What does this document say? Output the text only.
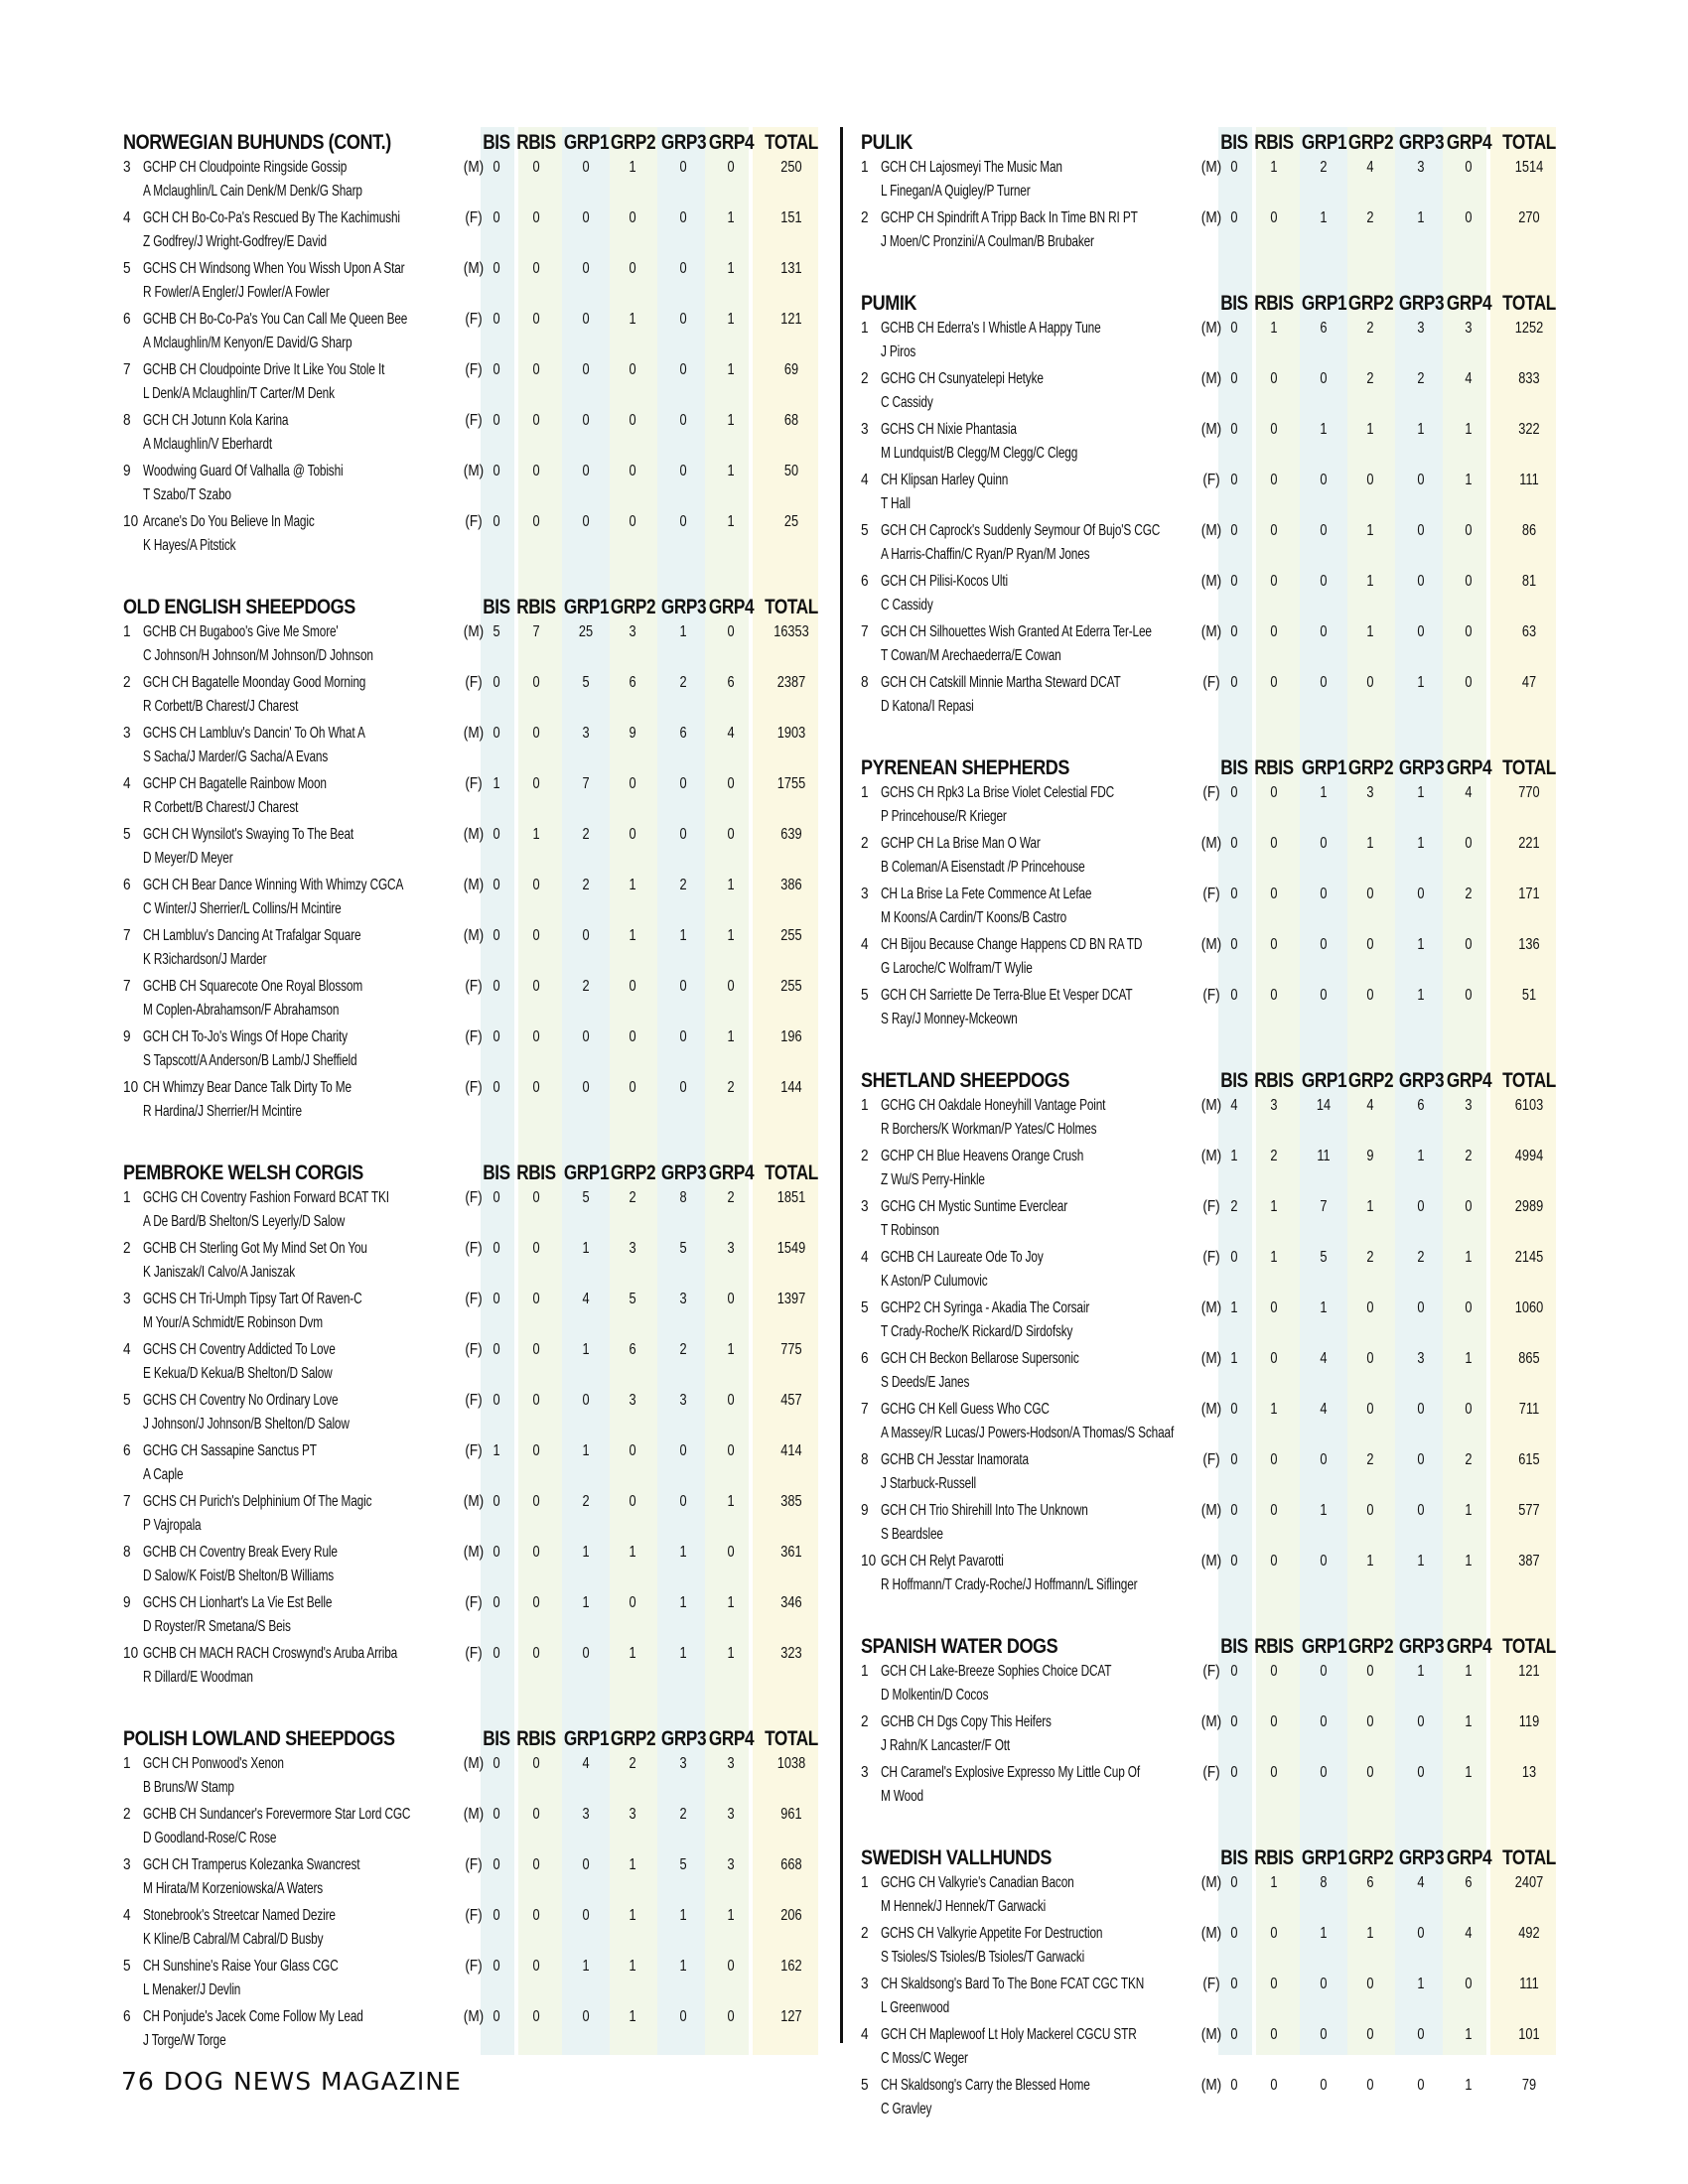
NORWEGIAN BUHUNDS (CONT.)	BIS RBIS GRP1 GRP2 GRP3 GRP4 TOTAL
3 GCHP CH Cloudpointe Ringside Gossip
A Mclaughlin/L Cain Denk/M Denk/G Sharp
(M) 0	0	0	1	0	0	250
4 GCH CH Bo-Co-Pa's Rescued By The Kachimushi
Z Godfrey/J Wright-Godfrey/E David
(F) 0	0	0	0	0	1	151
5 GCHS CH Windsong When You Wissh Upon A Star
R Fowler/A Engler/J Fowler/A Fowler
(M) 0	0	0	0	0	1	131
6 GCHB CH Bo-Co-Pa's You Can Call Me Queen Bee
A Mclaughlin/M Kenyon/E David/G Sharp
(F) 0	0	0	1	0	1	121
7 GCHB CH Cloudpointe Drive It Like You Stole It
L Denk/A Mclaughlin/T Carter/M Denk
(F) 0	0	0	0	0	1	69
8 GCH CH Jotunn Kola Karina
A Mclaughlin/V Eberhardt
(F) 0	0	0	0	0	1	68
9 Woodwing Guard Of Valhalla @ Tobishi
T Szabo/T Szabo
(M) 0	0	0	0	0	1	50
10 Arcane's Do You Believe In Magic
K Hayes/A Pitstick
(F) 0	0	0	0	0	1	25
OLD ENGLISH SHEEPDOGS	BIS RBIS GRP1 GRP2 GRP3 GRP4 TOTAL
1 GCHB CH Bugaboo's Give Me Smore'
C Johnson/H Johnson/M Johnson/D Johnson
(M) 5	7	25	3	1	0	16353
2 GCH CH Bagatelle Moonday Good Morning
R Corbett/B Charest/J Charest
(F) 0	0	5	6	2	6	2387
3 GCHS CH Lambluv's Dancin' To Oh What A
S Sacha/J Marder/G Sacha/A Evans
(M) 0	0	3	9	6	4	1903
4 GCHP CH Bagatelle Rainbow Moon
R Corbett/B Charest/J Charest
(F) 1	0	7	0	0	0	1755
5 GCH CH Wynsilot's Swaying To The Beat
D Meyer/D Meyer
(M) 0	1	2	0	0	0	639
6 GCH CH Bear Dance Winning With Whimzy CGCA
C Winter/J Sherrier/L Collins/H Mcintire
(M) 0	0	2	1	2	1	386
7 CH Lambluv's Dancing At Trafalgar Square
K R3ichardson/J Marder
(M) 0	0	0	1	1	1	255
7 GCHB CH Squarecote One Royal Blossom
M Coplen-Abrahamson/F Abrahamson
(F) 0	0	2	0	0	0	255
9 GCH CH To-Jo's Wings Of Hope Charity
S Tapscott/A Anderson/B Lamb/J Sheffield
(F) 0	0	0	0	0	1	196
10 CH Whimzy Bear Dance Talk Dirty To Me
R Hardina/J Sherrier/H Mcintire
(F) 0	0	0	0	0	2	144
PEMBROKE WELSH CORGIS	BIS RBIS GRP1 GRP2 GRP3 GRP4 TOTAL
1 GCHG CH Coventry Fashion Forward BCAT TKI
A De Bard/B Shelton/S Leyerly/D Salow
(F) 0	0	5	2	8	2	1851
2 GCHB CH Sterling Got My Mind Set On You
K Janiszak/I Calvo/A Janiszak
(F) 0	0	1	3	5	3	1549
3 GCHS CH Tri-Umph Tipsy Tart Of Raven-C
M Your/A Schmidt/E Robinson Dvm
(F) 0	0	4	5	3	0	1397
4 GCHS CH Coventry Addicted To Love
E Kekua/D Kekua/B Shelton/D Salow
(F) 0	0	1	6	2	1	775
5 GCHS CH Coventry No Ordinary Love
J Johnson/J Johnson/B Shelton/D Salow
(F) 0	0	0	3	3	0	457
6 GCHG CH Sassapine Sanctus PT
A Caple
(F) 1	0	1	0	0	0	414
7 GCHS CH Purich's Delphinium Of The Magic
P Vajropala
(M) 0	0	2	0	0	1	385
8 GCHB CH Coventry Break Every Rule
D Salow/K Foist/B Shelton/B Williams
(M) 0	0	1	1	1	0	361
9 GCHS CH Lionhart's La Vie Est Belle
D Royster/R Smetana/S Beis
(F) 0	0	1	0	1	1	346
10 GCHB CH MACH RACH Croswynd's Aruba Arriba
R Dillard/E Woodman
(F) 0	0	0	1	1	1	323
POLISH LOWLAND SHEEPDOGS	BIS RBIS GRP1 GRP2 GRP3 GRP4 TOTAL
1 GCH CH Ponwood's Xenon
B Bruns/W Stamp
(M) 0	0	4	2	3	3	1038
2 GCHB CH Sundancer's Forevermore Star Lord CGC
D Goodland-Rose/C Rose
(M) 0	0	3	3	2	3	961
3 GCH CH Tramperus Kolezanka Swancrest
M Hirata/M Korzeniowska/A Waters
(F) 0	0	0	1	5	3	668
4 Stonebrook's Streetcar Named Dezire
K Kline/B Cabral/M Cabral/D Busby
(F) 0	0	0	1	1	1	206
5 CH Sunshine's Raise Your Glass CGC
L Menaker/J Devlin
(F) 0	0	1	1	1	0	162
6 CH Ponjude's Jacek Come Follow My Lead
J Torge/W Torge
(M) 0	0	0	1	0	0	127
PULIK	BIS RBIS GRP1 GRP2 GRP3 GRP4 TOTAL
1 GCH CH Lajosmeyi The Music Man
L Finegan/A Quigley/P Turner
(M) 0	1	2	4	3	0	1514
2 GCHP CH Spindrift A Tripp Back In Time BN RI PT
J Moen/C Pronzini/A Coulman/B Brubaker
(M) 0	0	1	2	1	0	270
PUMIK	BIS RBIS GRP1 GRP2 GRP3 GRP4 TOTAL
1 GCHB CH Ederra's I Whistle A Happy Tune
J Piros
(M) 0	1	6	2	3	3	1252
2 GCHG CH Csunyatelepi Hetyke
C Cassidy
(M) 0	0	0	2	2	4	833
3 GCHS CH Nixie Phantasia
M Lundquist/B Clegg/M Clegg/C Clegg
(M) 0	0	1	1	1	1	322
4 CH Klipsan Harley Quinn
T Hall
(F) 0	0	0	0	0	1	111
5 GCH CH Caprock's Suddenly Seymour Of Bujo'S CGC
A Harris-Chaffin/C Ryan/P Ryan/M Jones
(M) 0	0	0	1	0	0	86
6 GCH CH Pilisi-Kocos Ulti
C Cassidy
(M) 0	0	0	1	0	0	81
7 GCH CH Silhouettes Wish Granted At Ederra Ter-Lee
T Cowan/M Arechaederra/E Cowan
(M) 0	0	0	1	0	0	63
8 GCH CH Catskill Minnie Martha Steward DCAT
D Katona/I Repasi
(F) 0	0	0	0	1	0	47
PYRENEAN SHEPHERDS	BIS RBIS GRP1 GRP2 GRP3 GRP4 TOTAL
1 GCHS CH Rpk3 La Brise Violet Celestial FDC
P Princehouse/R Krieger
(F) 0	0	1	3	1	4	770
2 GCHP CH La Brise Man O War
B Coleman/A Eisenstadt /P Princehouse
(M) 0	0	0	1	1	0	221
3 CH La Brise La Fete Commence At Lefae
M Koons/A Cardin/T Koons/B Castro
(F) 0	0	0	0	0	2	171
4 CH Bijou Because Change Happens CD BN RA TD
G Laroche/C Wolfram/T Wylie
(M) 0	0	0	0	1	0	136
5 GCH CH Sarriette De Terra-Blue Et Vesper DCAT
S Ray/J Monney-Mckeown
(F) 0	0	0	0	1	0	51
SHETLAND SHEEPDOGS	BIS RBIS GRP1 GRP2 GRP3 GRP4 TOTAL
1 GCHG CH Oakdale Honeyhill Vantage Point
R Borchers/K Workman/P Yates/C Holmes
(M) 4	3	14	4	6	3	6103
2 GCHP CH Blue Heavens Orange Crush
Z Wu/S Perry-Hinkle
(M) 1	2	11	9	1	2	4994
3 GCHG CH Mystic Suntime Everclear
T Robinson
(F) 2	1	7	1	0	0	2989
4 GCHB CH Laureate Ode To Joy
K Aston/P Culumovic
(F) 0	1	5	2	2	1	2145
5 GCHP2 CH Syringa - Akadia The Corsair
T Crady-Roche/K Rickard/D Sirdofsky
(M) 1	0	1	0	0	0	1060
6 GCH CH Beckon Bellarose Supersonic
S Deeds/E Janes
(M) 1	0	4	0	3	1	865
7 GCHG CH Kell Guess Who CGC
A Massey/R Lucas/J Powers-Hodson/A Thomas/S Schaaf
(M) 0	1	4	0	0	0	711
8 GCHB CH Jesstar Inamorata
J Starbuck-Russell
(F) 0	0	0	2	0	2	615
9 GCH CH Trio Shirehill Into The Unknown
S Beardslee
(M) 0	0	1	0	0	1	577
10 GCH CH Relyt Pavarotti
R Hoffmann/T Crady-Roche/J Hoffmann/L Siflinger
(M) 0	0	0	1	1	1	387
SPANISH WATER DOGS	BIS RBIS GRP1 GRP2 GRP3 GRP4 TOTAL
1 GCH CH Lake-Breeze Sophies Choice DCAT
D Molkentin/D Cocos
(F) 0	0	0	0	1	1	121
2 GCHB CH Dgs Copy This Heifers
J Rahn/K Lancaster/F Ott
(M) 0	0	0	0	0	1	119
3 CH Caramel's Explosive Expresso My Little Cup Of
M Wood
(F) 0	0	0	0	0	1	13
SWEDISH VALLHUNDS	BIS RBIS GRP1 GRP2 GRP3 GRP4 TOTAL
1 GCHG CH Valkyrie's Canadian Bacon
M Hennek/J Hennek/T Garwacki
(M) 0	1	8	6	4	6	2407
2 GCHS CH Valkyrie Appetite For Destruction
S Tsioles/S Tsioles/B Tsioles/T Garwacki
(M) 0	0	1	1	0	4	492
3 CH Skaldsong's Bard To The Bone FCAT CGC TKN
L Greenwood
(F) 0	0	0	0	1	0	111
4 GCH CH Maplewoof Lt Holy Mackerel CGCU STR
C Moss/C Weger
(M) 0	0	0	0	0	1	101
5 CH Skaldsong's Carry the Blessed Home
C Gravley
(M) 0	0	0	0	0	1	79
76 DOG NEWS MAGAZINE
